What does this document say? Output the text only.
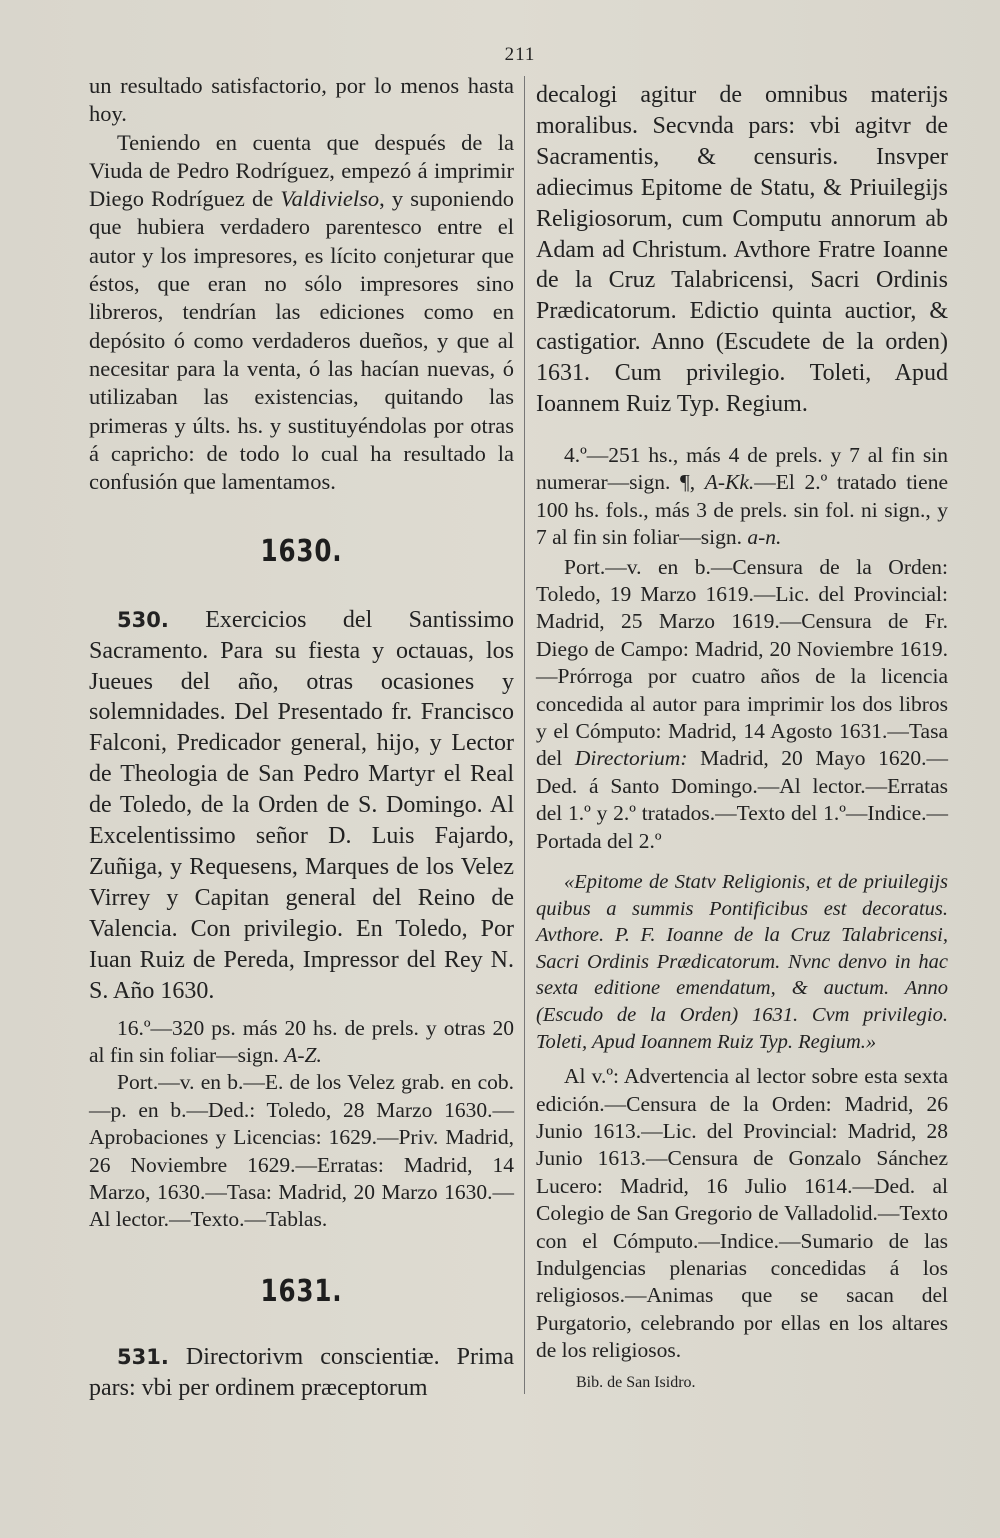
211

un resultado satisfactorio, por lo menos hasta hoy.

Teniendo en cuenta que después de la Viuda de Pedro Rodríguez, empezó á imprimir Diego Rodríguez de Valdivielso, y suponiendo que hubiera verdadero parentesco entre el autor y los impresores, es lícito conjeturar que éstos, que eran no sólo impresores sino libreros, tendrían las ediciones como en depósito ó como verdaderos dueños, y que al necesitar para la venta, ó las hacían nuevas, ó utilizaban las existencias, quitando las primeras y últs. hs. y sustituyéndolas por otras á capricho: de todo lo cual ha resultado la confusión que lamentamos.

1630.

530. Exercicios del Santissimo Sacramento. Para su fiesta y octauas, los Jueues del año, otras ocasiones y solemnidades. Del Presentado fr. Francisco Falconi, Predicador general, hijo, y Lector de Theologia de San Pedro Martyr el Real de Toledo, de la Orden de S. Domingo. Al Excelentissimo señor D. Luis Fajardo, Zuñiga, y Requesens, Marques de los Velez Virrey y Capitan general del Reino de Valencia. Con privilegio. En Toledo, Por Iuan Ruiz de Pereda, Impressor del Rey N. S. Año 1630.

16.º—320 ps. más 20 hs. de prels. y otras 20 al fin sin foliar—sign. A-Z.

Port.—v. en b.—E. de los Velez grab. en cob.—p. en b.—Ded.: Toledo, 28 Marzo 1630.—Aprobaciones y Licencias: 1629.—Priv. Madrid, 26 Noviembre 1629.—Erratas: Madrid, 14 Marzo, 1630.—Tasa: Madrid, 20 Marzo 1630.—Al lector.—Texto.—Tablas.

1631.

531. Directorivm conscientiæ. Prima pars: vbi per ordinem præceptorum

decalogi agitur de omnibus materijs moralibus. Secvnda pars: vbi agitvr de Sacramentis, & censuris. Insvper adiecimus Epitome de Statu, & Priuilegijs Religiosorum, cum Computu annorum ab Adam ad Christum. Avthore Fratre Ioanne de la Cruz Talabricensi, Sacri Ordinis Prædicatorum. Edictio quinta auctior, & castigatior. Anno (Escudete de la orden) 1631. Cum privilegio. Toleti, Apud Ioannem Ruiz Typ. Regium.

4.º—251 hs., más 4 de prels. y 7 al fin sin numerar—sign. ¶, A-Kk.—El 2.º tratado tiene 100 hs. fols., más 3 de prels. sin fol. ni sign., y 7 al fin sin foliar—sign. a-n.

Port.—v. en b.—Censura de la Orden: Toledo, 19 Marzo 1619.—Lic. del Provincial: Madrid, 25 Marzo 1619.—Censura de Fr. Diego de Campo: Madrid, 20 Noviembre 1619.—Prórroga por cuatro años de la licencia concedida al autor para imprimir los dos libros y el Cómputo: Madrid, 14 Agosto 1631.—Tasa del Directorium: Madrid, 20 Mayo 1620.—Ded. á Santo Domingo.—Al lector.—Erratas del 1.º y 2.º tratados.—Texto del 1.º—Indice.—Portada del 2.º

«Epitome de Statv Religionis, et de priuilegijs quibus a summis Pontificibus est decoratus. Avthore. P. F. Ioanne de la Cruz Talabricensi, Sacri Ordinis Prædicatorum. Nvnc denvo in hac sexta editione emendatum, & auctum. Anno (Escudo de la Orden) 1631. Cvm privilegio. Toleti, Apud Ioannem Ruiz Typ. Regium.»

Al v.º: Advertencia al lector sobre esta sexta edición.—Censura de la Orden: Madrid, 26 Junio 1613.—Lic. del Provincial: Madrid, 28 Junio 1613.—Censura de Gonzalo Sánchez Lucero: Madrid, 16 Julio 1614.—Ded. al Colegio de San Gregorio de Valladolid.—Texto con el Cómputo.—Indice.—Sumario de las Indulgencias plenarias concedidas á los religiosos.—Animas que se sacan del Purgatorio, celebrando por ellas en los altares de los religiosos.

Bib. de San Isidro.
